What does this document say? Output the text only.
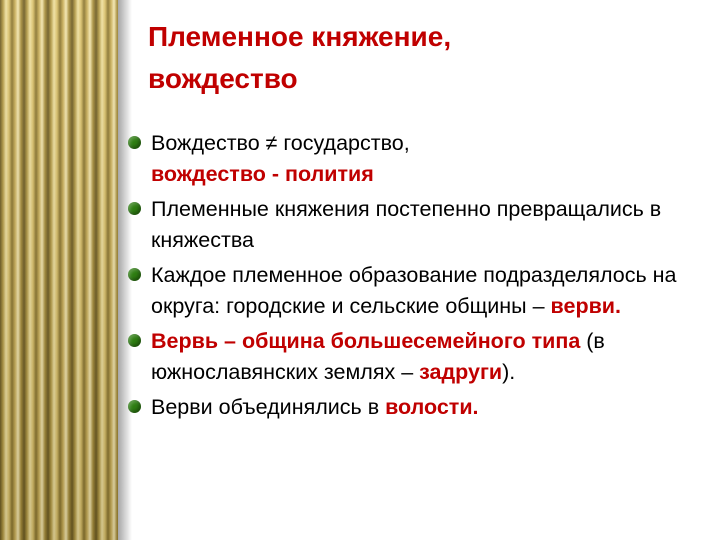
Племенное княжение,
вождество
Вождество ≠ государство,
вождество - полития
Племенные княжения постепенно превращались в княжества
Каждое племенное образование подразделялось на округа: городские и сельские общины – верви.
Вервь – община большесемейного типа (в южнославянских землях – задруги).
Верви объединялись в волости.
